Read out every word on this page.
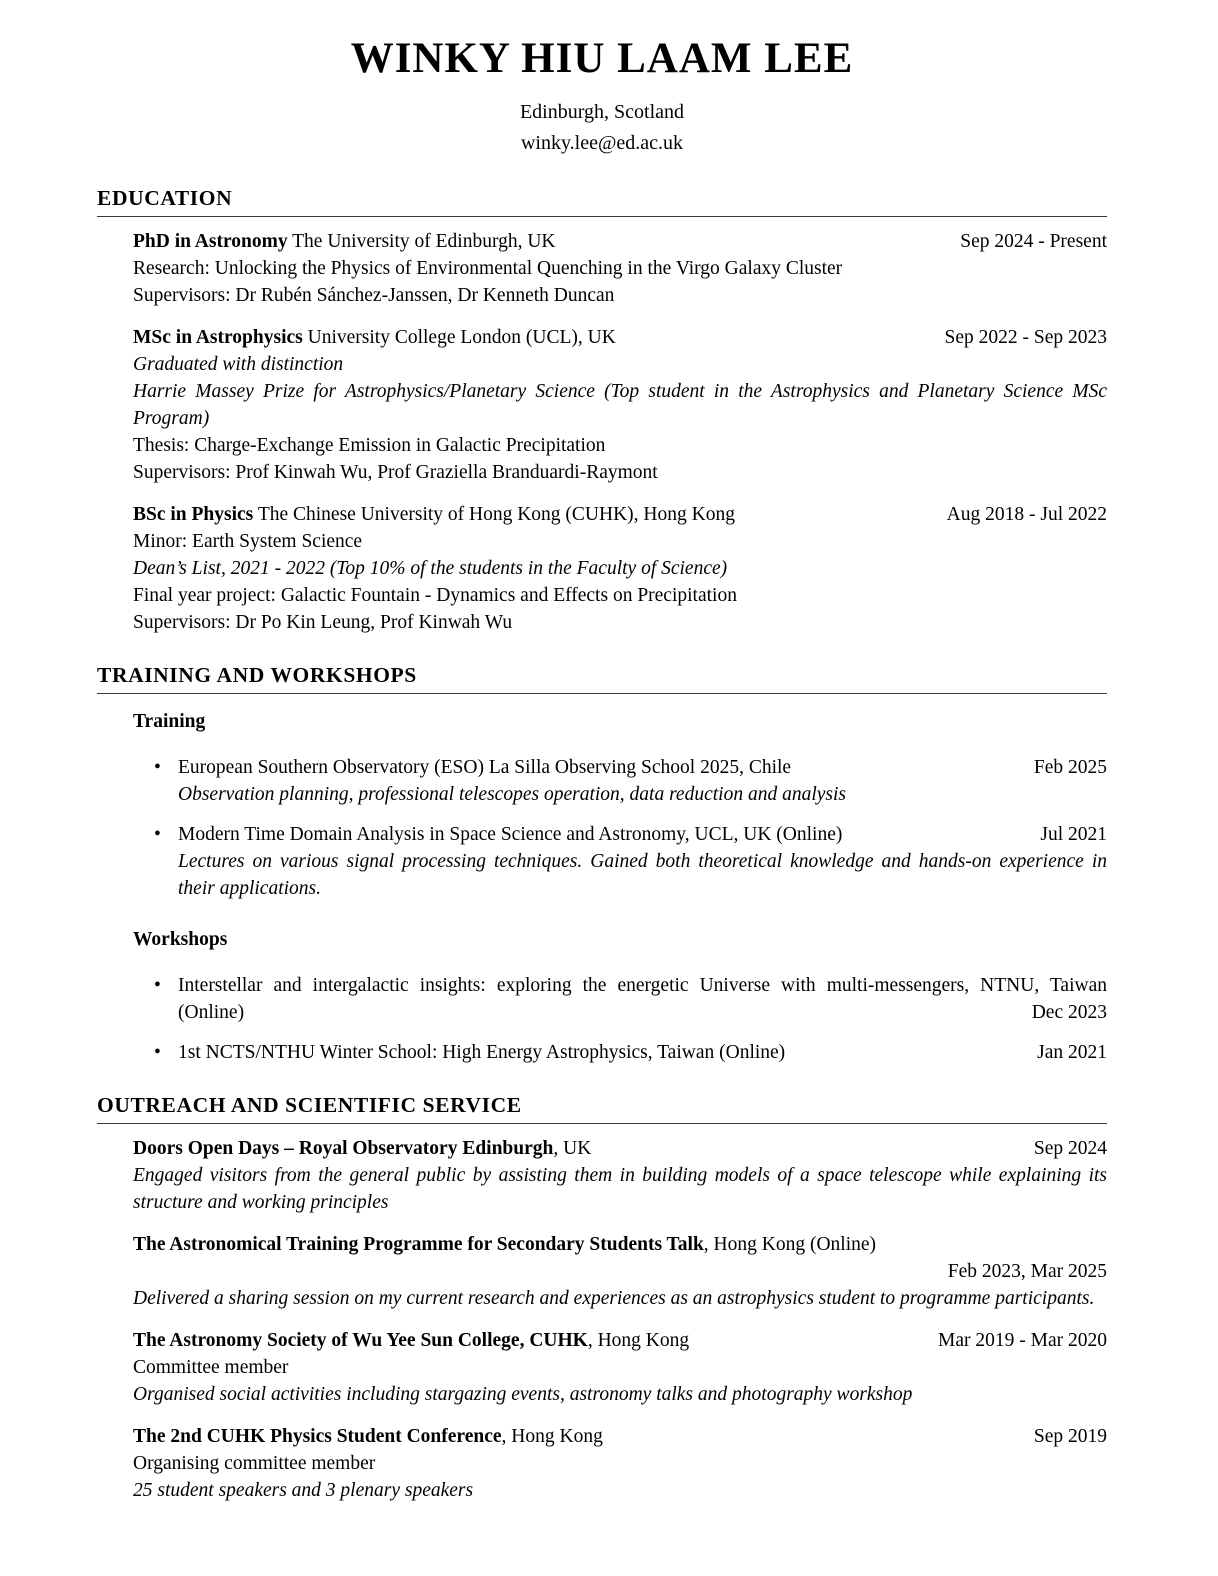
WINKY HIU LAAM LEE
Edinburgh, Scotland
winky.lee@ed.ac.uk
EDUCATION

PhD in Astronomy The University of Edinburgh, UK	Sep 2024 - Present

Research: Unlocking the Physics of Environmental Quenching in the Virgo Galaxy Cluster

Supervisors: Dr Rubén Sánchez-Janssen, Dr Kenneth Duncan

MSc in Astrophysics University College London (UCL), UK	Sep 2022 - Sep 2023

Graduated with distinction

Harrie Massey Prize for Astrophysics/Planetary Science (Top student in the Astrophysics and Planetary Science MSc Program)

Thesis: Charge-Exchange Emission in Galactic Precipitation

Supervisors: Prof Kinwah Wu, Prof Graziella Branduardi-Raymont

BSc in Physics The Chinese University of Hong Kong (CUHK), Hong Kong	Aug 2018 - Jul 2022

Minor: Earth System Science

Dean’s List, 2021 - 2022 (Top 10% of the students in the Faculty of Science)

Final year project: Galactic Fountain - Dynamics and Effects on Precipitation

Supervisors: Dr Po Kin Leung, Prof Kinwah Wu

TRAINING AND WORKSHOPS
Training
• European Southern Observatory (ESO) La Silla Observing School 2025, Chile	Feb 2025

Observation planning, professional telescopes operation, data reduction and analysis

• Modern Time Domain Analysis in Space Science and Astronomy, UCL, UK (Online)	Jul 2021

Lectures on various signal processing techniques. Gained both theoretical knowledge and hands-on experience in their applications.

Workshops
• Interstellar and intergalactic insights: exploring the energetic Universe with multi-messengers, NTNU, Taiwan (Online)	Dec 2023

• 1st NCTS/NTHU Winter School: High Energy Astrophysics, Taiwan (Online)	Jan 2021

OUTREACH AND SCIENTIFIC SERVICE

Doors Open Days – Royal Observatory Edinburgh, UK	Sep 2024

Engaged visitors from the general public by assisting them in building models of a space telescope while explaining its structure and working principles

The Astronomical Training Programme for Secondary Students Talk, Hong Kong (Online)

Feb 2023, Mar 2025

Delivered a sharing session on my current research and experiences as an astrophysics student to programme participants.

The Astronomy Society of Wu Yee Sun College, CUHK, Hong Kong	Mar 2019 - Mar 2020

Committee member

Organised social activities including stargazing events, astronomy talks and photography workshop

The 2nd CUHK Physics Student Conference, Hong Kong	Sep 2019

Organising committee member

25 student speakers and 3 plenary speakers
